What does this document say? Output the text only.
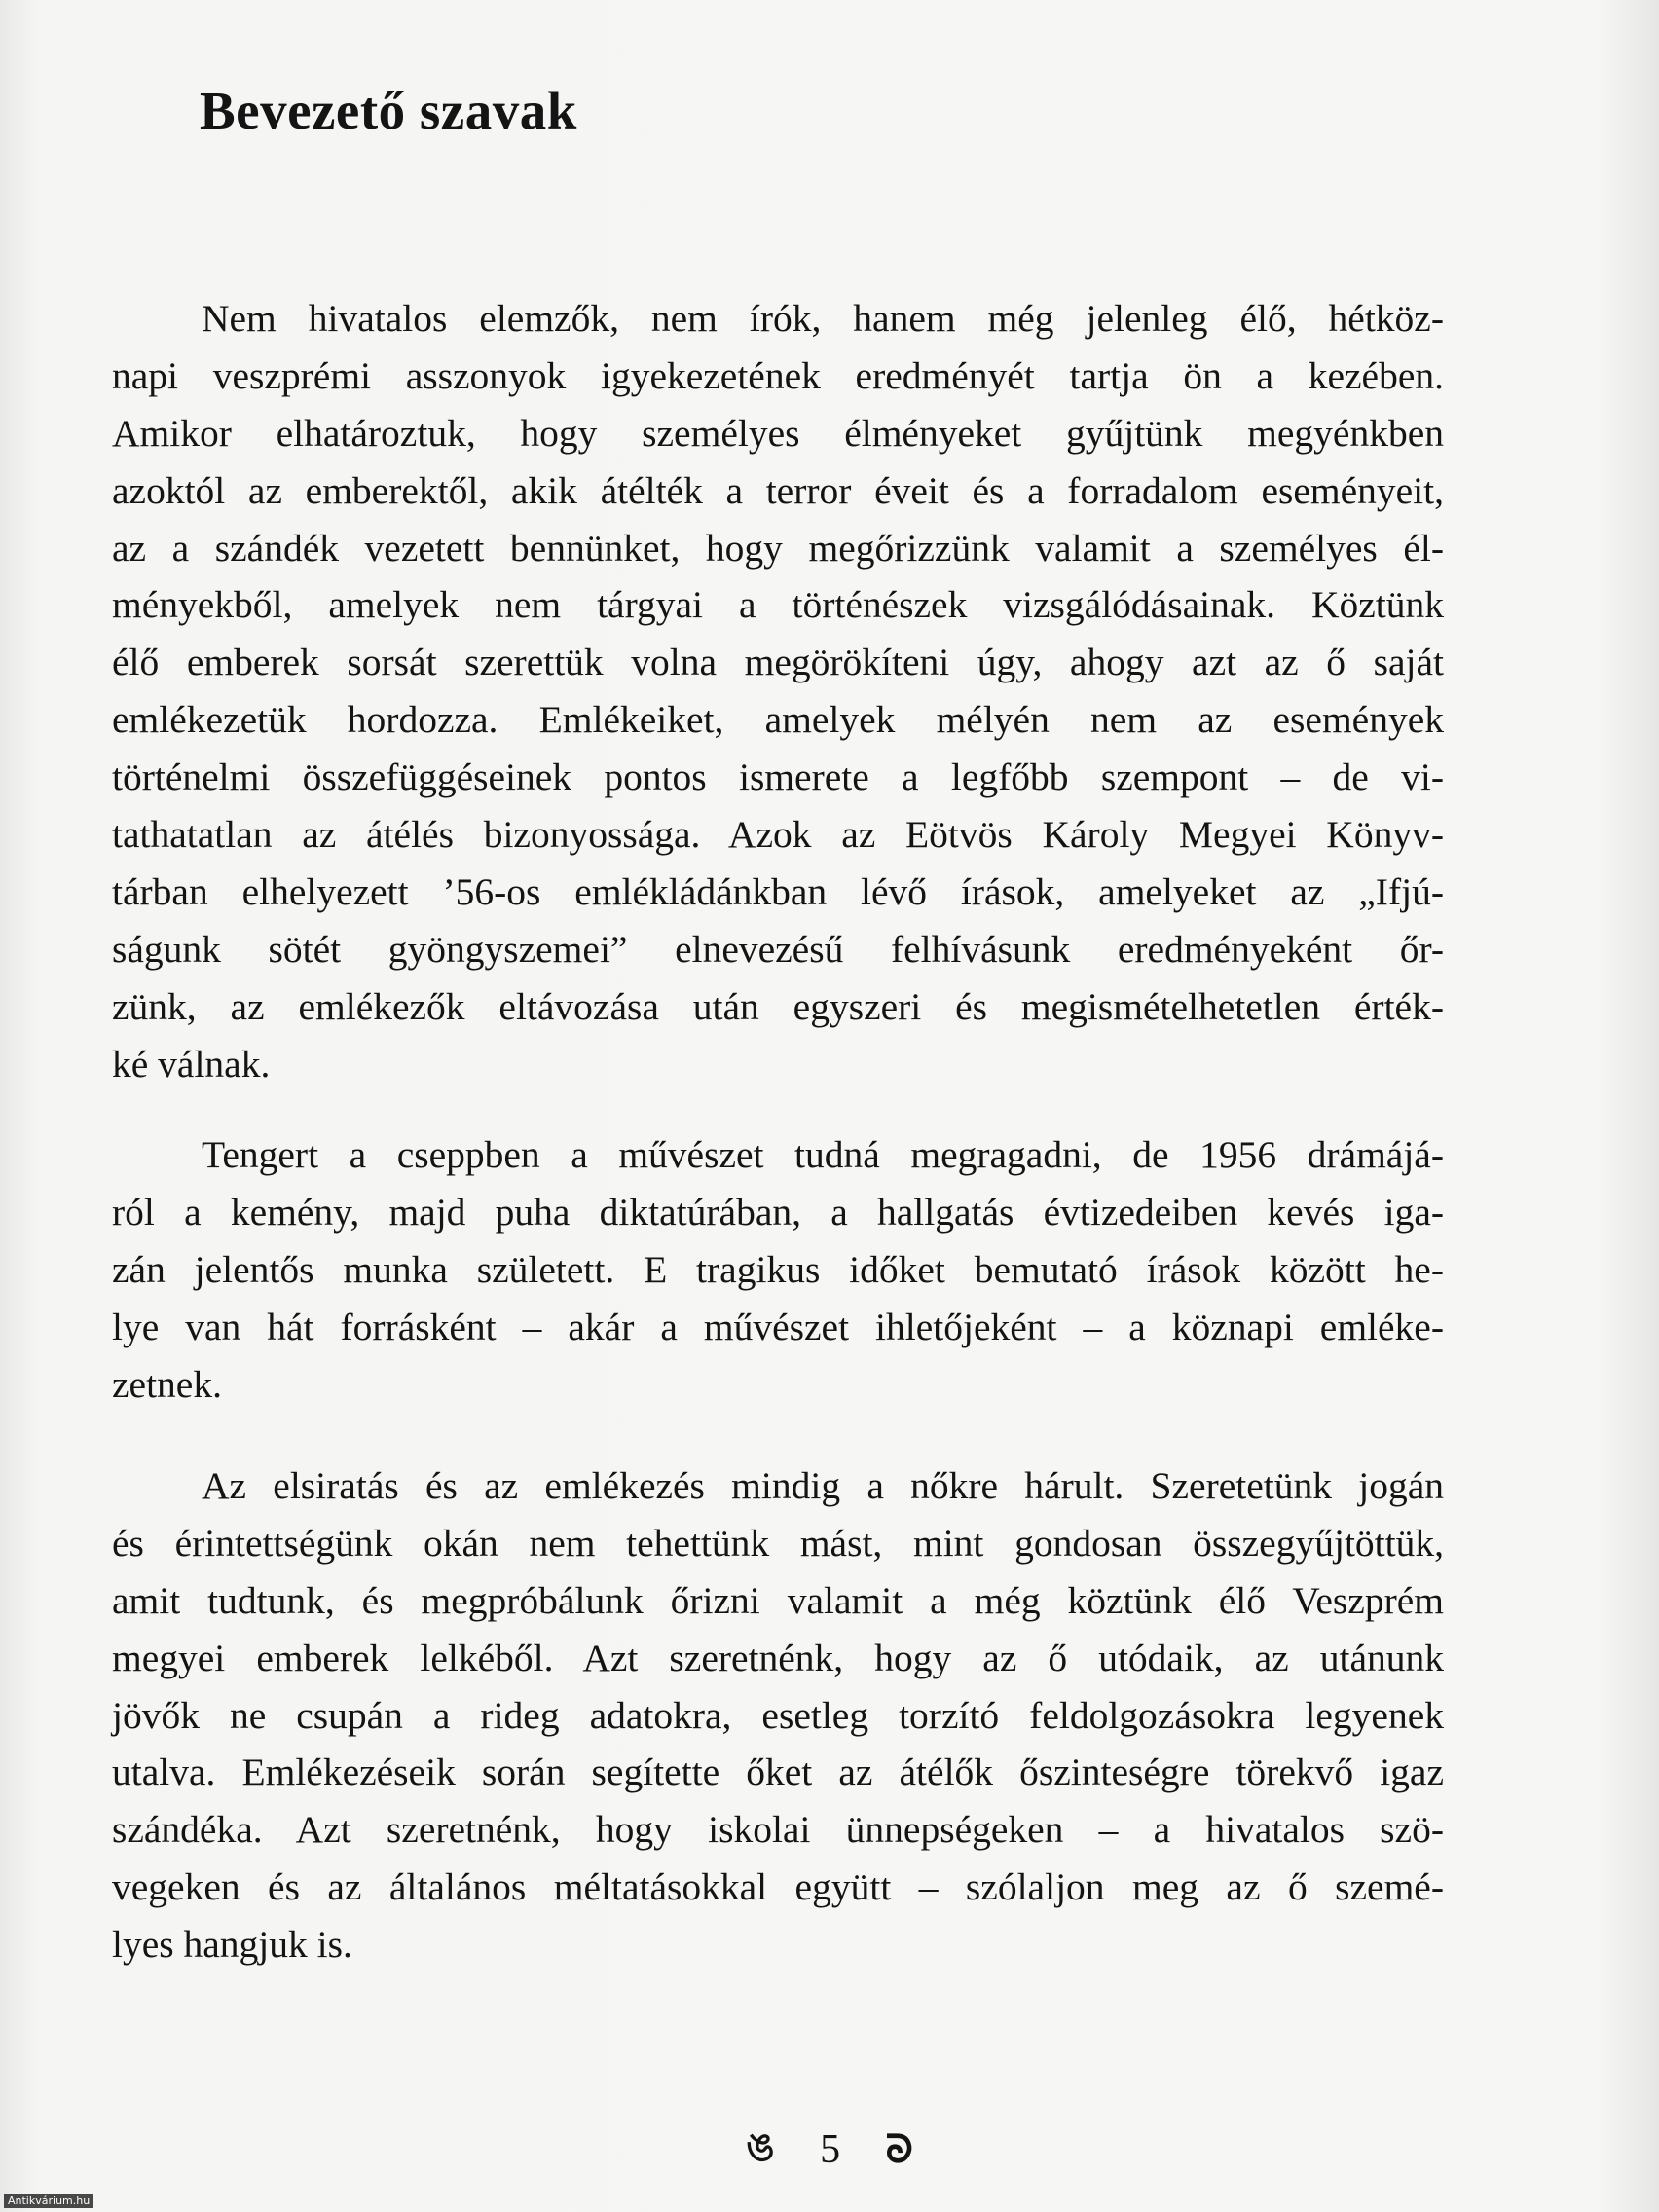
Bevezető szavak
Nem hivatalos elemzők, nem írók, hanem még jelenleg élő, hétköz-
napi veszprémi asszonyok igyekezetének eredményét tartja ön a kezében.
Amikor elhatároztuk, hogy személyes élményeket gyűjtünk megyénkben
azoktól az emberektől, akik átélték a terror éveit és a forradalom eseményeit,
az a szándék vezetett bennünket, hogy megőrizzünk valamit a személyes él-
ményekből, amelyek nem tárgyai a történészek vizsgálódásainak. Köztünk
élő emberek sorsát szerettük volna megörökíteni úgy, ahogy azt az ő saját
emlékezetük hordozza. Emlékeiket, amelyek mélyén nem az események
történelmi összefüggéseinek pontos ismerete a legfőbb szempont – de vi-
tathatatlan az átélés bizonyossága. Azok az Eötvös Károly Megyei Könyv-
tárban elhelyezett ’56-os emlékládánkban lévő írások, amelyeket az „Ifjú-
ságunk sötét gyöngyszemei” elnevezésű felhívásunk eredményeként őr-
zünk, az emlékezők eltávozása után egyszeri és megismételhetetlen érték-
ké válnak.
Tengert a cseppben a művészet tudná megragadni, de 1956 drámájá-
ról a kemény, majd puha diktatúrában, a hallgatás évtizedeiben kevés iga-
zán jelentős munka született. E tragikus időket bemutató írások között he-
lye van hát forrásként – akár a művészet ihletőjeként – a köznapi emléke-
zetnek.
Az elsiratás és az emlékezés mindig a nőkre hárult. Szeretetünk jogán
és érintettségünk okán nem tehettünk mást, mint gondosan összegyűjtöttük,
amit tudtunk, és megpróbálunk őrizni valamit a még köztünk élő Veszprém
megyei emberek lelkéből. Azt szeretnénk, hogy az ő utódaik, az utánunk
jövők ne csupán a rideg adatokra, esetleg torzító feldolgozásokra legyenek
utalva. Emlékezéseik során segítette őket az átélők őszinteségre törekvő igaz
szándéka. Azt szeretnénk, hogy iskolai ünnepségeken – a hivatalos szö-
vegeken és az általános méltatásokkal együtt – szólaljon meg az ő szemé-
lyes hangjuk is.
ঙ 5 ᘐ
Antikvárium.hu
